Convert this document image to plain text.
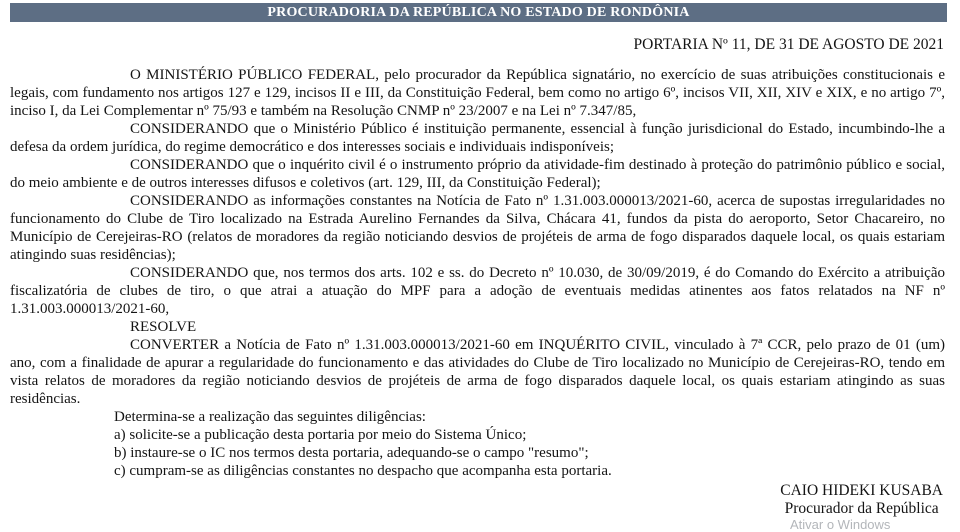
PROCURADORIA DA REPÚBLICA NO ESTADO DE RONDÔNIA
PORTARIA Nº 11, DE 31 DE AGOSTO DE 2021

O MINISTÉRIO PÚBLICO FEDERAL, pelo procurador da República signatário, no exercício de suas atribuições constitucionais e legais, com fundamento nos artigos 127 e 129, incisos II e III, da Constituição Federal, bem como no artigo 6º, incisos VII, XII, XIV e XIX, e no artigo 7º, inciso I, da Lei Complementar nº 75/93 e também na Resolução CNMP nº 23/2007 e na Lei nº 7.347/85,

CONSIDERANDO que o Ministério Público é instituição permanente, essencial à função jurisdicional do Estado, incumbindo-lhe a defesa da ordem jurídica, do regime democrático e dos interesses sociais e individuais indisponíveis;

CONSIDERANDO que o inquérito civil é o instrumento próprio da atividade-fim destinado à proteção do patrimônio público e social, do meio ambiente e de outros interesses difusos e coletivos (art. 129, III, da Constituição Federal);

CONSIDERANDO as informações constantes na Notícia de Fato nº 1.31.003.000013/2021-60, acerca de supostas irregularidades no funcionamento do Clube de Tiro localizado na Estrada Aurelino Fernandes da Silva, Chácara 41, fundos da pista do aeroporto, Setor Chacareiro, no Município de Cerejeiras-RO (relatos de moradores da região noticiando desvios de projéteis de arma de fogo disparados daquele local, os quais estariam atingindo suas residências);

CONSIDERANDO que, nos termos dos arts. 102 e ss. do Decreto nº 10.030, de 30/09/2019, é do Comando do Exército a atribuição fiscalizatória de clubes de tiro, o que atrai a atuação do MPF para a adoção de eventuais medidas atinentes aos fatos relatados na NF nº 1.31.003.000013/2021-60,

RESOLVE

CONVERTER a Notícia de Fato nº 1.31.003.000013/2021-60 em INQUÉRITO CIVIL, vinculado à 7ª CCR, pelo prazo de 01 (um) ano, com a finalidade de apurar a regularidade do funcionamento e das atividades do Clube de Tiro localizado no Município de Cerejeiras-RO, tendo em vista relatos de moradores da região noticiando desvios de projéteis de arma de fogo disparados daquele local, os quais estariam atingindo as suas residências.

Determina-se a realização das seguintes diligências:

a) solicite-se a publicação desta portaria por meio do Sistema Único;

b) instaure-se o IC nos termos desta portaria, adequando-se o campo "resumo";

c) cumpram-se as diligências constantes no despacho que acompanha esta portaria.

CAIO HIDEKI KUSABA
Procurador da República
Ativar o Windows
